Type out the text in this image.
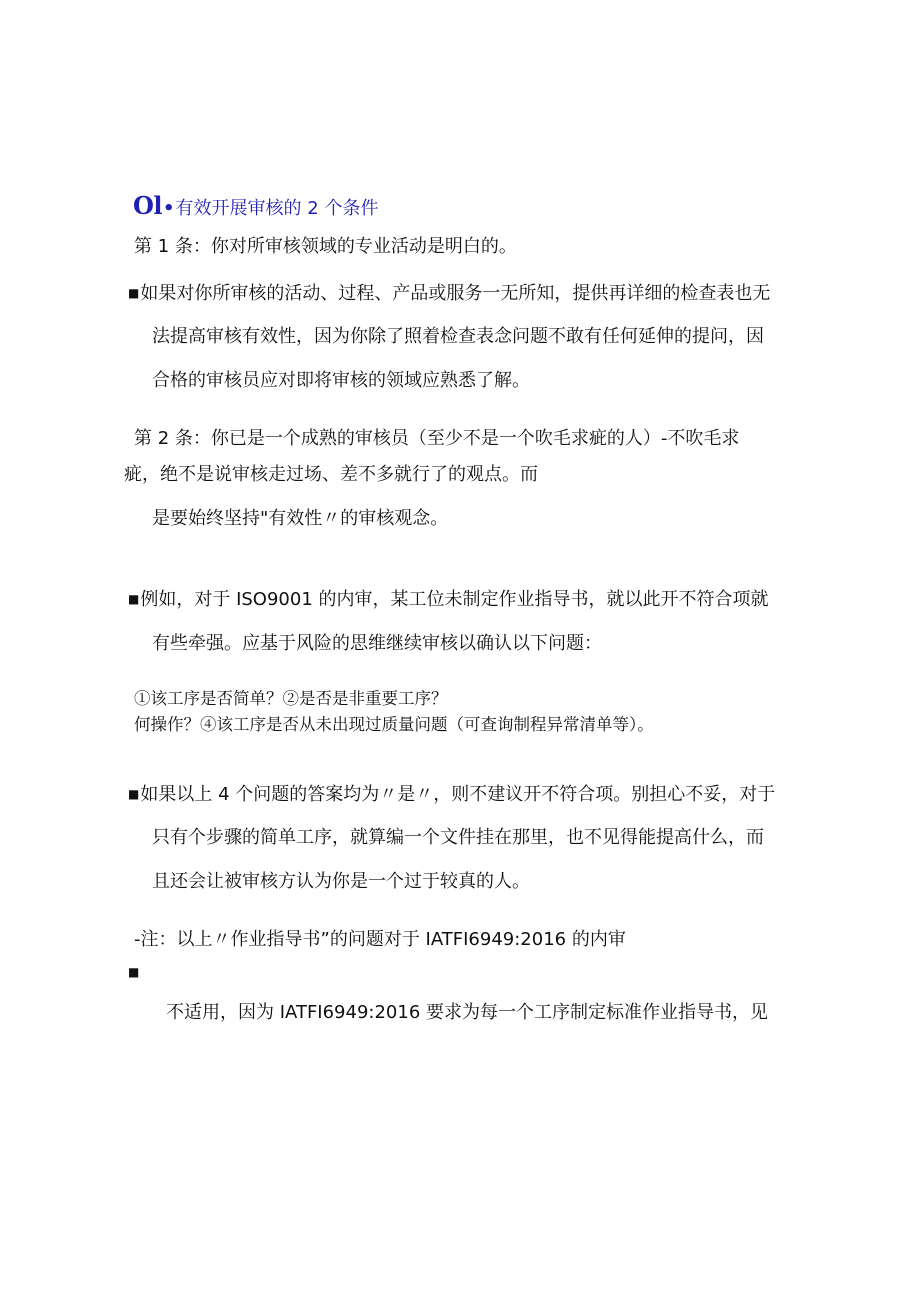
Ol•有效开展审核的 2 个条件
第 1 条：你对所审核领域的专业活动是明白的。
■如果对你所审核的活动、过程、产品或服务一无所知，提供再详细的检查表也无
法提高审核有效性，因为你除了照着检查表念问题不敢有任何延伸的提问，因
合格的审核员应对即将审核的领域应熟悉了解。
第 2 条：你已是一个成熟的审核员（至少不是一个吹毛求疵的人）-不吹毛求
疵，绝不是说审核走过场、差不多就行了的观点。而
是要始终坚持"有效性〃的审核观念。
■例如，对于 ISO9001 的内审，某工位未制定作业指导书，就以此开不符合项就
有些牵强。应基于风险的思维继续审核以确认以下问题：
①该工序是否简单？②是否是非重要工序？
何操作？④该工序是否从未出现过质量问题（可查询制程异常清单等）。
■如果以上 4 个问题的答案均为〃是〃，则不建议开不符合项。别担心不妥，对于
只有个步骤的简单工序，就算编一个文件挂在那里，也不见得能提高什么，而
且还会让被审核方认为你是一个过于较真的人。
-注：以上〃作业指导书”的问题对于 IATFI6949:2016 的内审
■
不适用，因为 IATFI6949:2016 要求为每一个工序制定标准作业指导书，见
